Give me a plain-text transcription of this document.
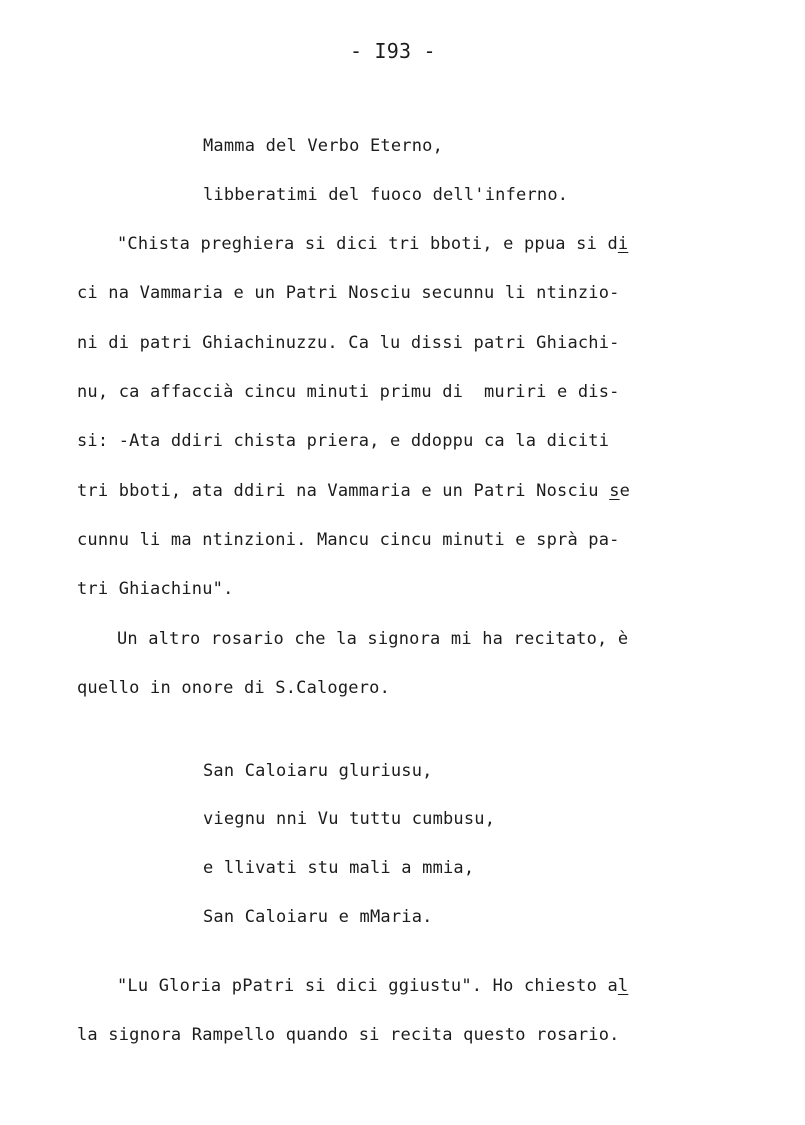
- I93 -
Mamma del Verbo Eterno,
libberatimi del fuoco dell'inferno.
"Chista preghiera si dici tri bboti, e ppua si di
ci na Vammaria e un Patri Nosciu secunnu li ntinzio-
ni di patri Ghiachinuzzu. Ca lu dissi patri Ghiachi-
nu, ca affaccià cincu minuti primu di  muriri e dis-
si: -Ata ddiri chista priera, e ddoppu ca la diciti
tri bboti, ata ddiri na Vammaria e un Patri Nosciu se
cunnu li ma ntinzioni. Mancu cincu minuti e sprà pa-
tri Ghiachinu".
Un altro rosario che la signora mi ha recitato, è
quello in onore di S.Calogero.
San Caloiaru gluriusu,
viegnu nni Vu tuttu cumbusu,
e llivati stu mali a mmia,
San Caloiaru e mMaria.
"Lu Gloria pPatri si dici ggiustu". Ho chiesto al
la signora Rampello quando si recita questo rosario.
